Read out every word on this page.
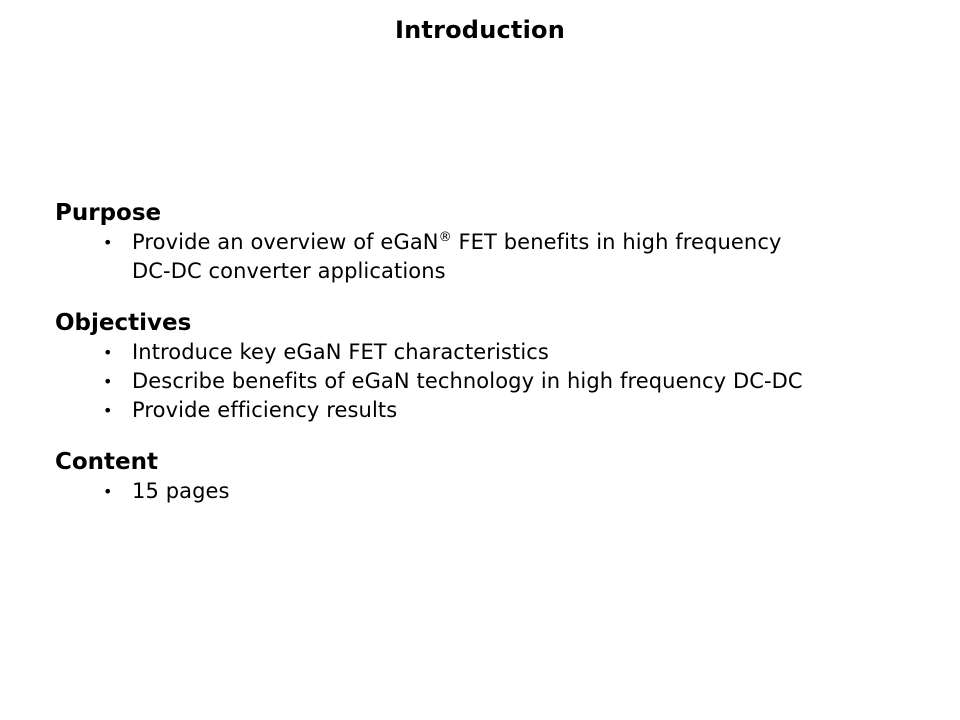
Introduction
Purpose
• Provide an overview of eGaN® FET benefits in high frequency
DC-DC converter applications
Objectives
• Introduce key eGaN FET characteristics
• Describe benefits of eGaN technology in high frequency DC-DC
• Provide efficiency results
Content
• 15 pages
